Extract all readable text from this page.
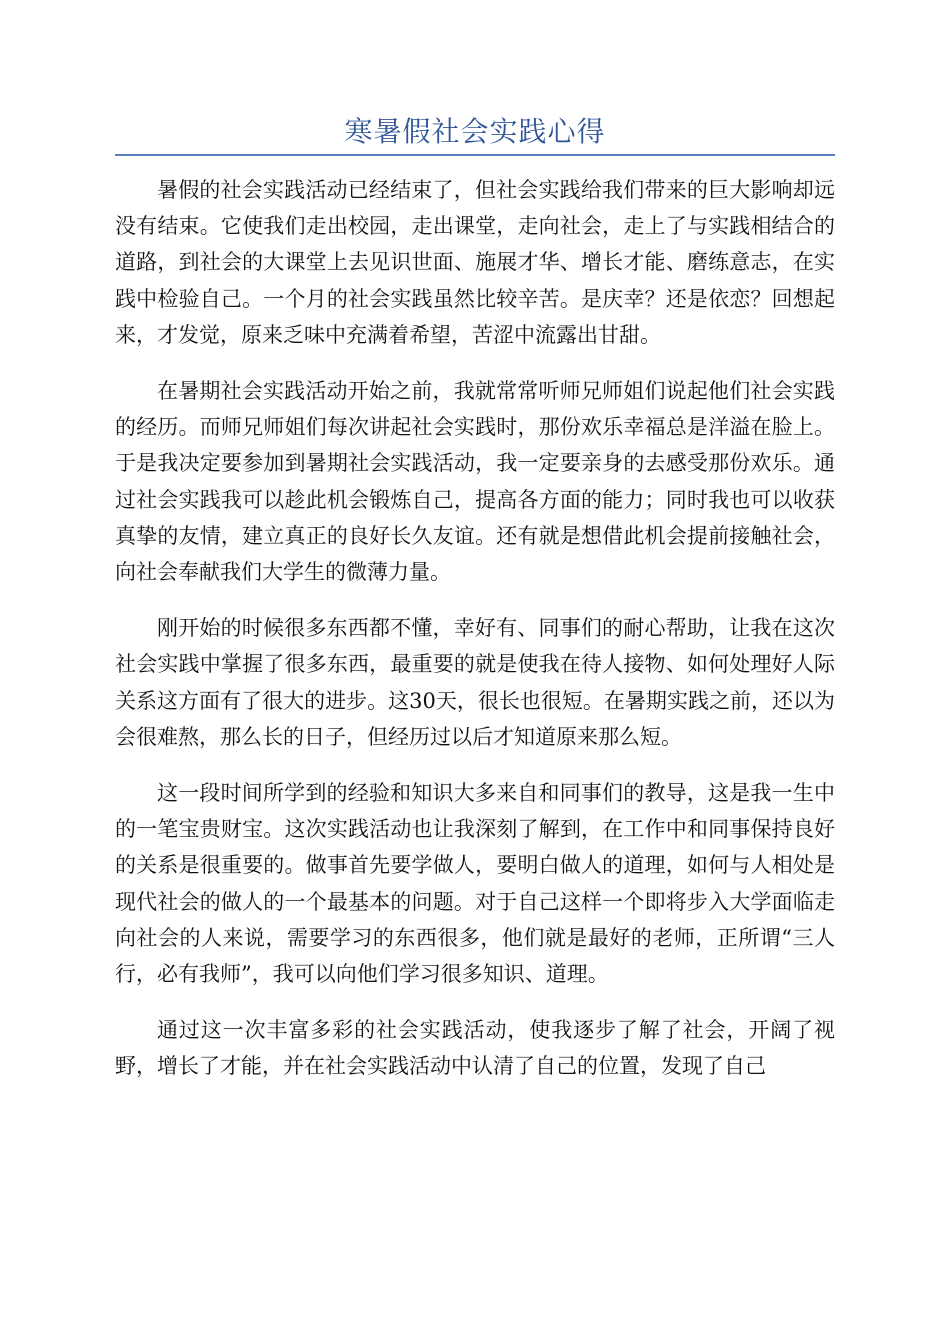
寒暑假社会实践心得

暑假的社会实践活动已经结束了，但社会实践给我们带来的巨大影响却远没有结束。它使我们走出校园，走出课堂，走向社会，走上了与实践相结合的道路，到社会的大课堂上去见识世面、施展才华、增长才能、磨练意志，在实践中检验自己。一个月的社会实践虽然比较辛苦。是庆幸？还是依恋？回想起来，才发觉，原来乏味中充满着希望，苦涩中流露出甘甜。

在暑期社会实践活动开始之前，我就常常听师兄师姐们说起他们社会实践的经历。而师兄师姐们每次讲起社会实践时，那份欢乐幸福总是洋溢在脸上。于是我决定要参加到暑期社会实践活动，我一定要亲身的去感受那份欢乐。通过社会实践我可以趁此机会锻炼自己，提高各方面的能力；同时我也可以收获真挚的友情，建立真正的良好长久友谊。还有就是想借此机会提前接触社会，向社会奉献我们大学生的微薄力量。

刚开始的时候很多东西都不懂，幸好有、同事们的耐心帮助，让我在这次社会实践中掌握了很多东西，最重要的就是使我在待人接物、如何处理好人际关系这方面有了很大的进步。这30天，很长也很短。在暑期实践之前，还以为会很难熬，那么长的日子，但经历过以后才知道原来那么短。

这一段时间所学到的经验和知识大多来自和同事们的教导，这是我一生中的一笔宝贵财宝。这次实践活动也让我深刻了解到，在工作中和同事保持良好的关系是很重要的。做事首先要学做人，要明白做人的道理，如何与人相处是现代社会的做人的一个最基本的问题。对于自己这样一个即将步入大学面临走向社会的人来说，需要学习的东西很多，他们就是最好的老师，正所谓“三人行，必有我师”，我可以向他们学习很多知识、道理。

通过这一次丰富多彩的社会实践活动，使我逐步了解了社会，开阔了视野，增长了才能，并在社会实践活动中认清了自己的位置，发现了自己
